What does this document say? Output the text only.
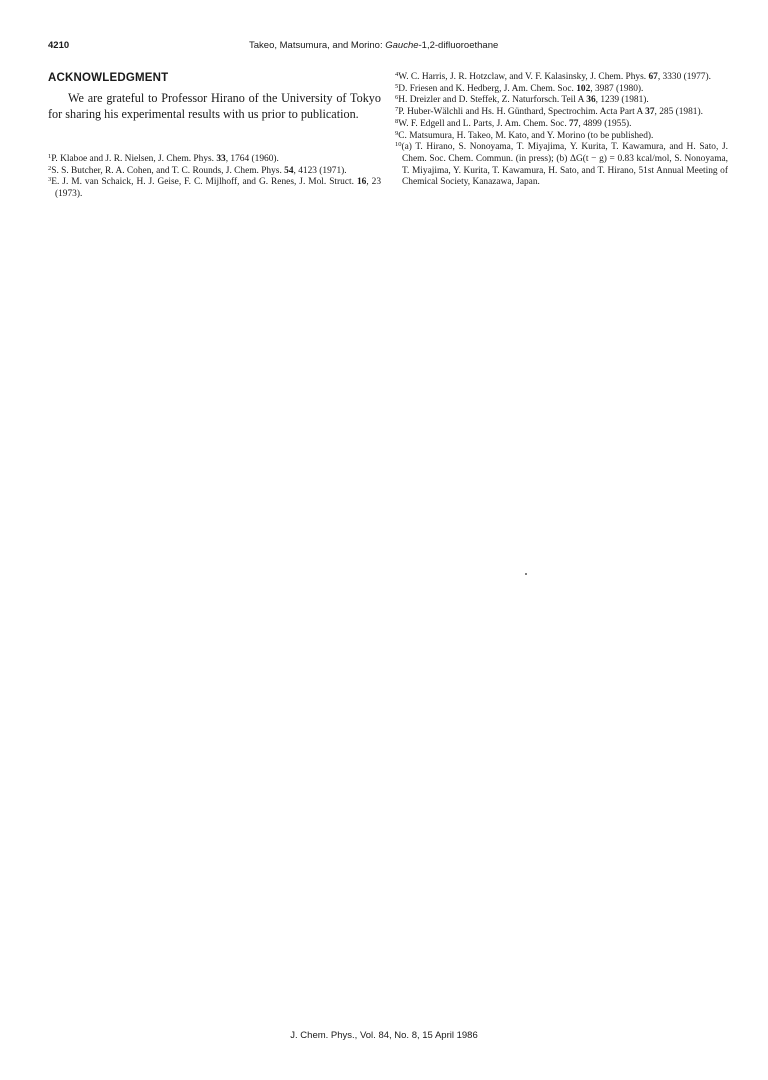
4210	Takeo, Matsumura, and Morino: Gauche-1,2-difluoroethane
ACKNOWLEDGMENT

We are grateful to Professor Hirano of the University of Tokyo for sharing his experimental results with us prior to publication.

$^1$P. Klaboe and J. R. Nielsen, J. Chem. Phys. 33, 1764 (1960).
$^2$S. S. Butcher, R. A. Cohen, and T. C. Rounds, J. Chem. Phys. 54, 4123 (1971).
$^3$E. J. M. van Schaick, H. J. Geise, F. C. Mijlhoff, and G. Renes, J. Mol. Struct. 16, 23 (1973).
$^4$W. C. Harris, J. R. Hotzclaw, and V. F. Kalasinsky, J. Chem. Phys. 67, 3330 (1977).
$^5$D. Friesen and K. Hedberg, J. Am. Chem. Soc. 102, 3987 (1980).
$^6$H. Dreizler and D. Steffek, Z. Naturforsch. Teil A 36, 1239 (1981).
$^7$P. Huber-Wälchli and Hs. H. Günthard, Spectrochim. Acta Part A 37, 285 (1981).
$^8$W. F. Edgell and L. Parts, J. Am. Chem. Soc. 77, 4899 (1955).
$^9$C. Matsumura, H. Takeo, M. Kato, and Y. Morino (to be published).
$^{10}$(a) T. Hirano, S. Nonoyama, T. Miyajima, Y. Kurita, T. Kawamura, and H. Sato, J. Chem. Soc. Chem. Commun. (in press); (b) ΔG(t − g) = 0.83 kcal/mol, S. Nonoyama, T. Miyajima, Y. Kurita, T. Kawamura, H. Sato, and T. Hirano, 51st Annual Meeting of Chemical Society, Kanazawa, Japan.
J. Chem. Phys., Vol. 84, No. 8, 15 April 1986
